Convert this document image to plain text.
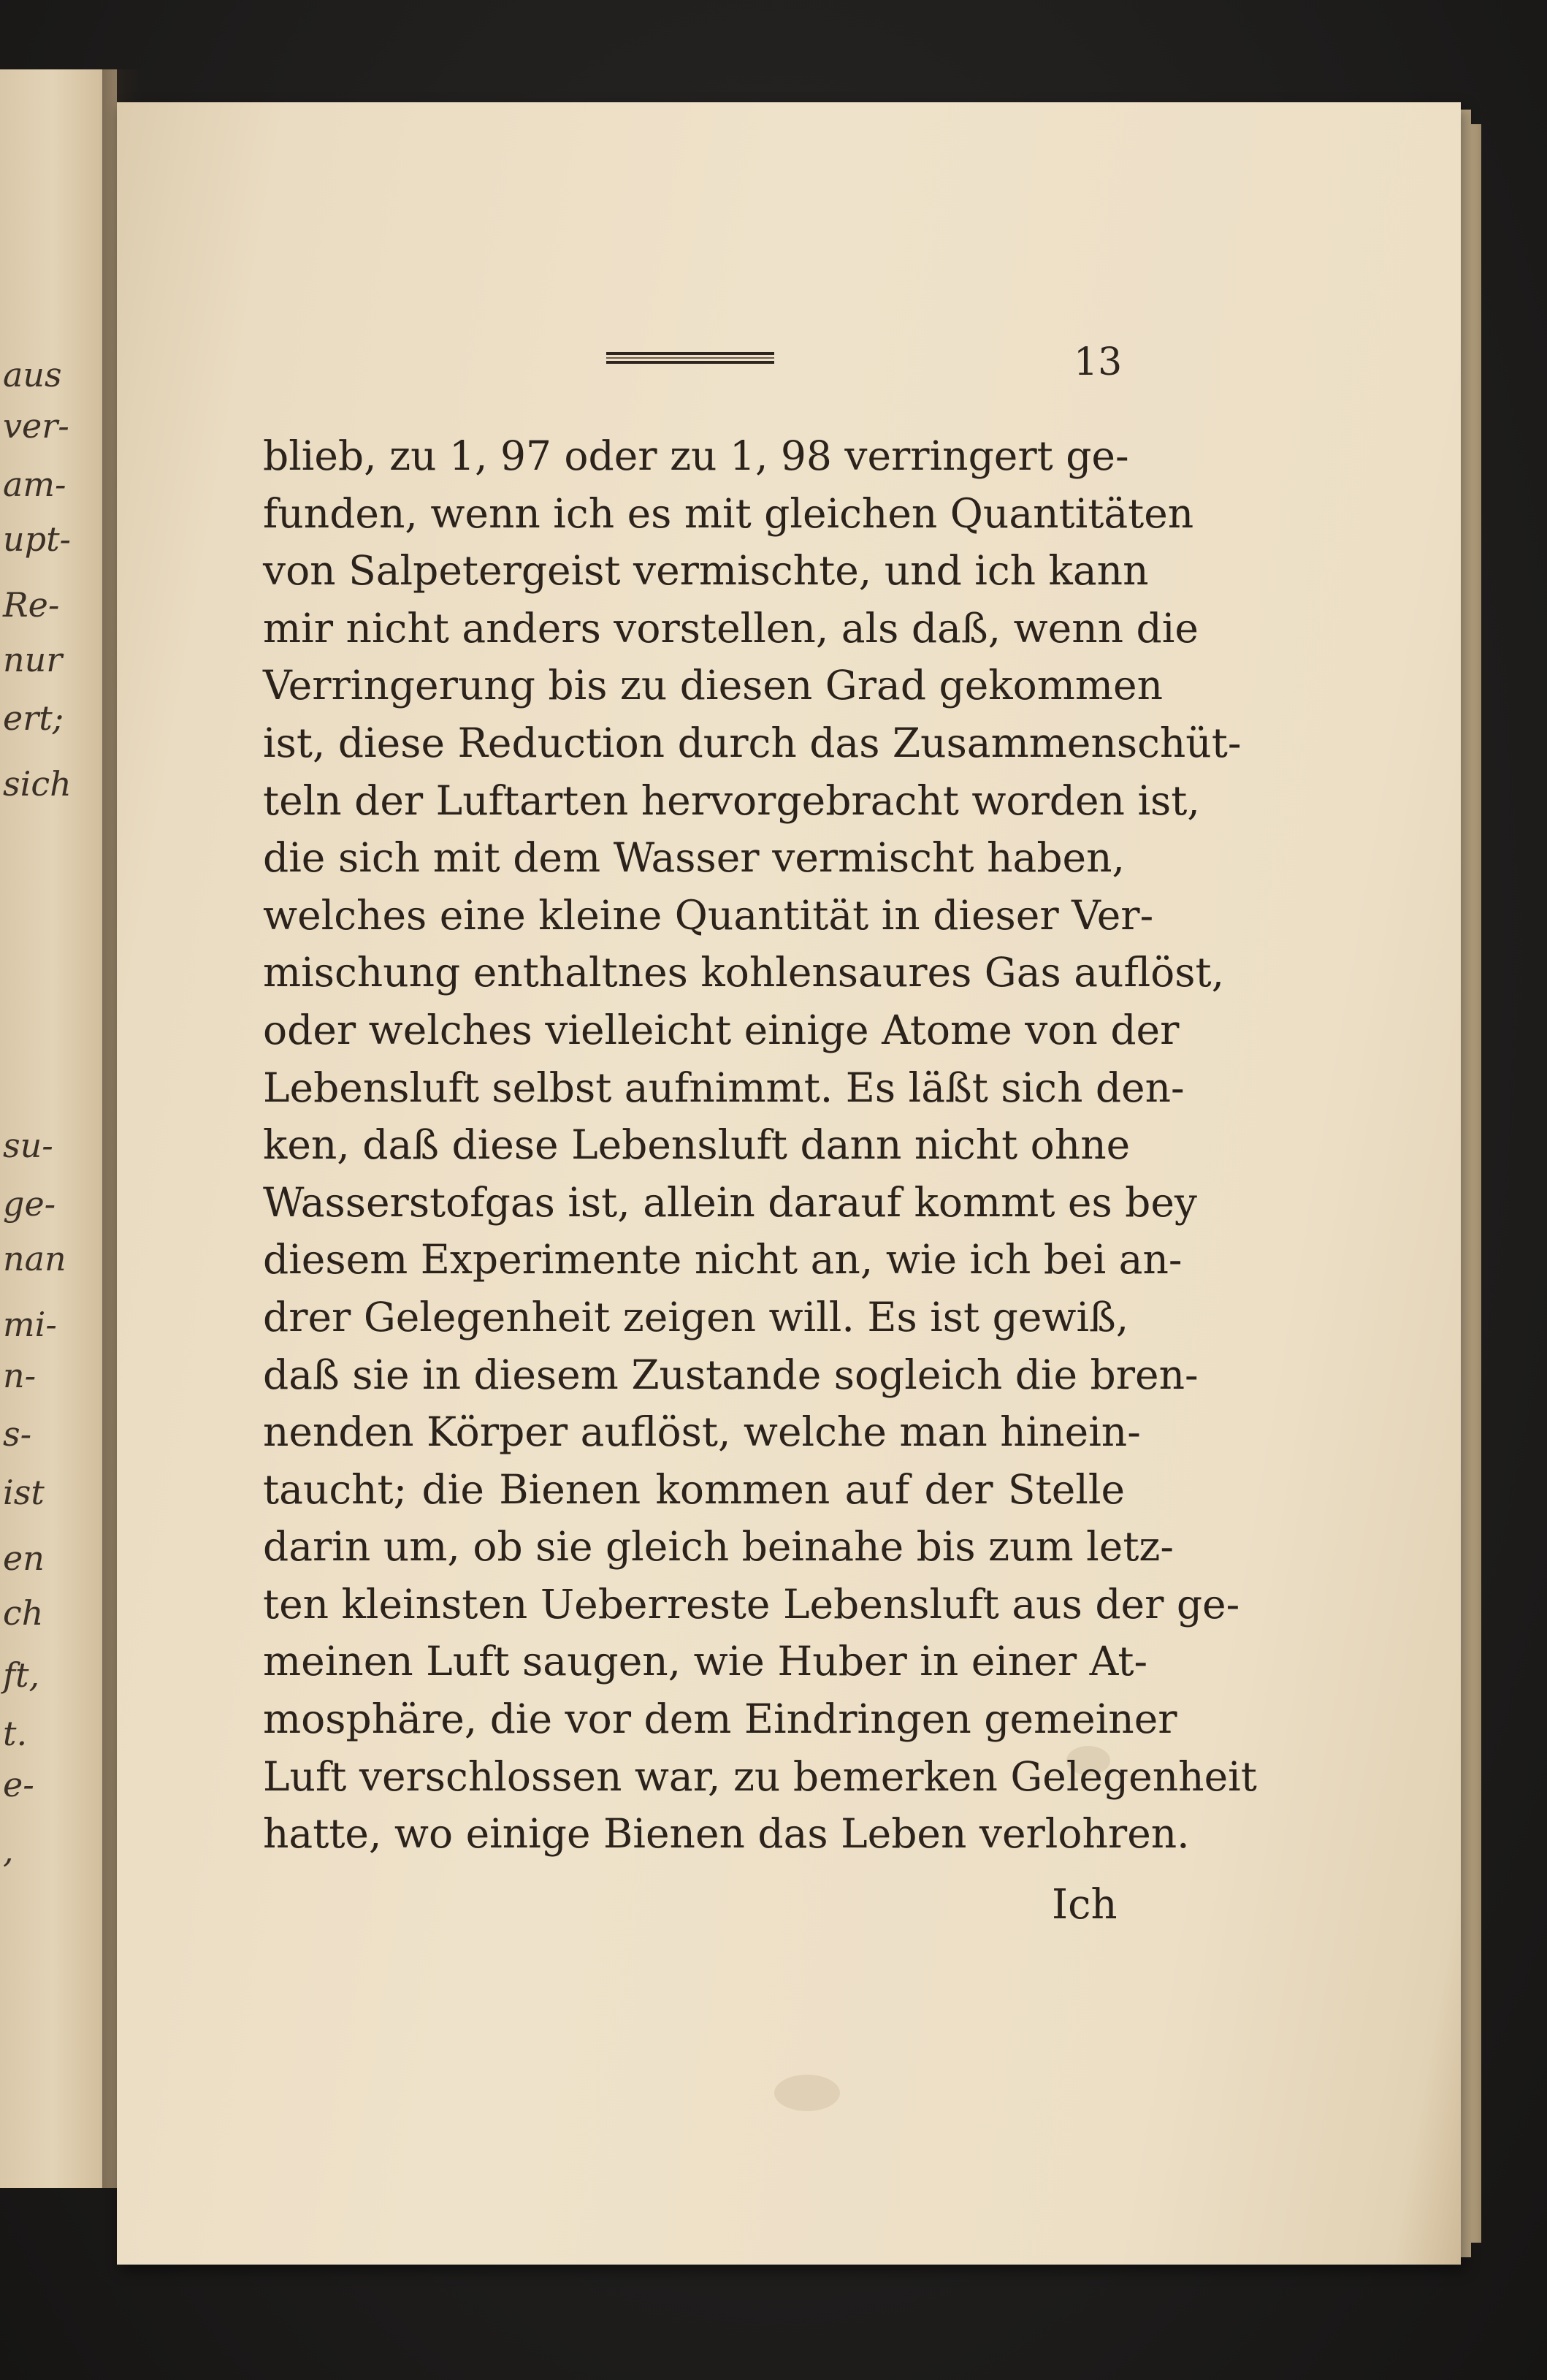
aus
ver-
am-
upt-
Re-
nur
ert;
sich
su-
ge-
nan
mi-
n-
s-
ist
en
ch
ft,
t.
e-
,
13
blieb, zu 1, 97 oder zu 1, 98 verringert ge-
funden, wenn ich es mit gleichen Quantitäten
von Salpetergeist vermischte, und ich kann
mir nicht anders vorstellen, als daß, wenn die
Verringerung bis zu diesen Grad gekommen
ist, diese Reduction durch das Zusammenschüt-
teln der Luftarten hervorgebracht worden ist,
die sich mit dem Wasser vermischt haben,
welches eine kleine Quantität in dieser Ver-
mischung enthaltnes kohlensaures Gas auflöst,
oder welches vielleicht einige Atome von der
Lebensluft selbst aufnimmt. Es läßt sich den-
ken, daß diese Lebensluft dann nicht ohne
Wasserstofgas ist, allein darauf kommt es bey
diesem Experimente nicht an, wie ich bei an-
drer Gelegenheit zeigen will. Es ist gewiß,
daß sie in diesem Zustande sogleich die bren-
nenden Körper auflöst, welche man hinein-
taucht; die Bienen kommen auf der Stelle
darin um, ob sie gleich beinahe bis zum letz-
ten kleinsten Ueberreste Lebensluft aus der ge-
meinen Luft saugen, wie Huber in einer At-
mosphäre, die vor dem Eindringen gemeiner
Luft verschlossen war, zu bemerken Gelegenheit
hatte, wo einige Bienen das Leben verlohren.
Ich
